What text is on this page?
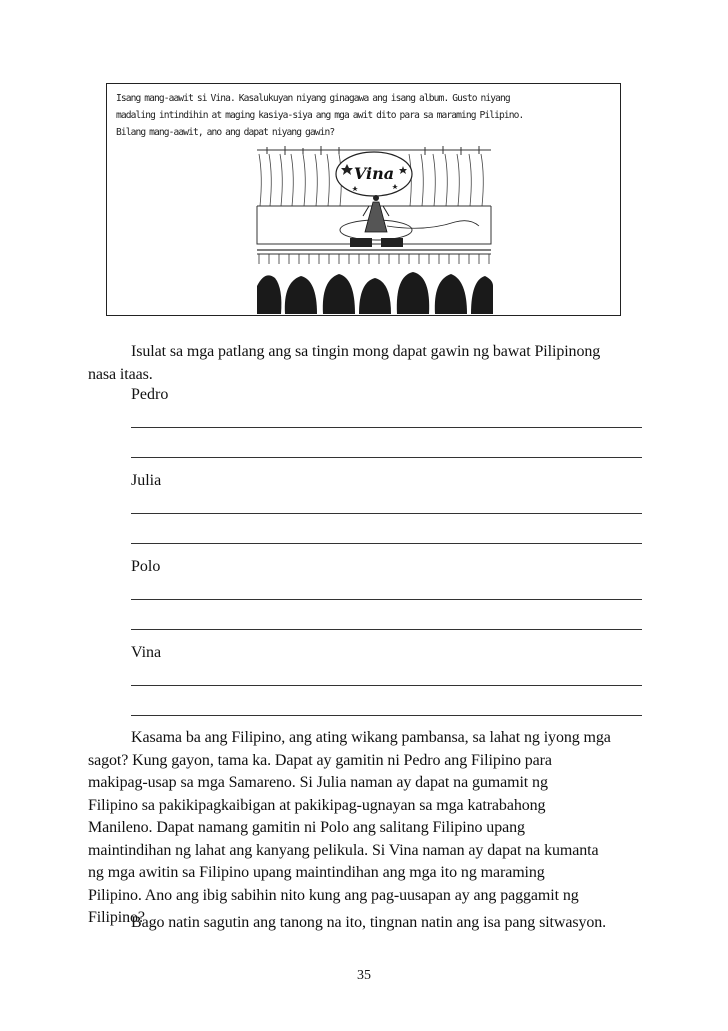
Isang mang-aawit si Vina. Kasalukuyan niyang ginagawa ang isang album. Gusto niyang
madaling intindihin at maging kasiya-siya ang mga awit dito para sa maraming Pilipino.
Bilang mang-aawit, ano ang dapat niyang gawin?

Vina

Isulat sa mga patlang ang sa tingin mong dapat gawin ng bawat Pilipinong
nasa itaas.

Pedro

Julia

Polo

Vina

Kasama ba ang Filipino, ang ating wikang pambansa, sa lahat ng iyong mga
sagot? Kung gayon, tama ka. Dapat ay gamitin ni Pedro ang Filipino para
makipag-usap sa mga Samareno. Si Julia naman ay dapat na gumamit ng
Filipino sa pakikipagkaibigan at pakikipag-ugnayan sa mga katrabahong
Manileno. Dapat namang gamitin ni Polo ang salitang Filipino upang
maintindihan ng lahat ang kanyang pelikula. Si Vina naman ay dapat na kumanta
ng mga awitin sa Filipino upang maintindihan ang mga ito ng maraming
Pilipino. Ano ang ibig sabihin nito kung ang pag-uusapan ay ang paggamit ng
Filipino?

Bago natin sagutin ang tanong na ito, tingnan natin ang isa pang sitwasyon.

35
